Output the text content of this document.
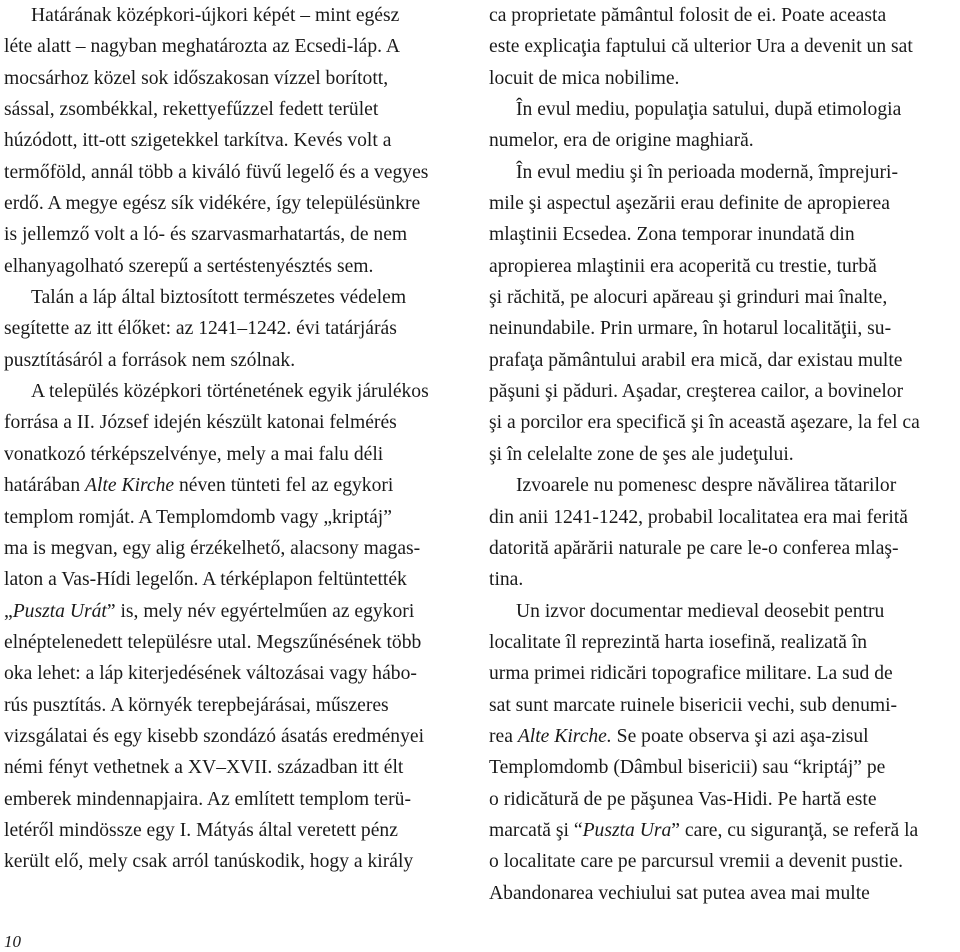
Határának középkori-újkori képét – mint egész
léte alatt – nagyban meghatározta az Ecsedi-láp. A
mocsárhoz közel sok időszakosan vízzel borított,
sással, zsombékkal, rekettyefűzzel fedett terület
húzódott, itt-ott szigetekkel tarkítva. Kevés volt a
termőföld, annál több a kiváló füvű legelő és a vegyes
erdő. A megye egész sík vidékére, így településünkre
is jellemző volt a ló- és szarvasmarhatartás, de nem
elhanyagolható szerepű a sertéstenyésztés sem.
Talán a láp által biztosított természetes védelem
segítette az itt élőket: az 1241–1242. évi tatárjárás
pusztításáról a források nem szólnak.
A település középkori történetének egyik járulékos
forrása a II. József idején készült katonai felmérés
vonatkozó térképszelvénye, mely a mai falu déli
határában Alte Kirche néven tünteti fel az egykori
templom romját. A Templomdomb vagy „kriptáj”
ma is megvan, egy alig érzékelhető, alacsony magas-
laton a Vas-Hídi legelőn. A térképlapon feltüntették
„Puszta Urát” is, mely név egyértelműen az egykori
elnéptelenedett településre utal. Megszűnésének több
oka lehet: a láp kiterjedésének változásai vagy hábo-
rús pusztítás. A környék terepbejárásai, műszeres
vizsgálatai és egy kisebb szondázó ásatás eredményei
némi fényt vethetnek a XV–XVII. században itt élt
emberek mindennapjaira. Az említett templom terü-
letéről mindössze egy I. Mátyás által veretett pénz
került elő, mely csak arról tanúskodik, hogy a király
ca proprietate pământul folosit de ei. Poate aceasta
este explicaţia faptului că ulterior Ura a devenit un sat
locuit de mica nobilime.
În evul mediu, populaţia satului, după etimologia
numelor, era de origine maghiară.
În evul mediu şi în perioada modernă, împrejuri-
mile şi aspectul aşezării erau definite de apropierea
mlaştinii Ecsedea. Zona temporar inundată din
apropierea mlaştinii era acoperită cu trestie, turbă
şi răchită, pe alocuri apăreau şi grinduri mai înalte,
neinundabile. Prin urmare, în hotarul localităţii, su-
prafaţa pământului arabil era mică, dar existau multe
păşuni şi păduri. Aşadar, creşterea cailor, a bovinelor
şi a porcilor era specifică şi în această aşezare, la fel ca
şi în celelalte zone de şes ale judeţului.
Izvoarele nu pomenesc despre năvălirea tătarilor
din anii 1241-1242, probabil localitatea era mai ferită
datorită apărării naturale pe care le-o conferea mlaş-
tina.
Un izvor documentar medieval deosebit pentru
localitate îl reprezintă harta iosefină, realizată în
urma primei ridicări topografice militare. La sud de
sat sunt marcate ruinele bisericii vechi, sub denumi-
rea Alte Kirche. Se poate observa şi azi aşa-zisul
Templomdomb (Dâmbul bisericii) sau “kriptáj” pe
o ridicătură de pe păşunea Vas-Hidi. Pe hartă este
marcată şi “Puszta Ura” care, cu siguranţă, se referă la
o localitate care pe parcursul vremii a devenit pustie.
Abandonarea vechiului sat putea avea mai multe
10
